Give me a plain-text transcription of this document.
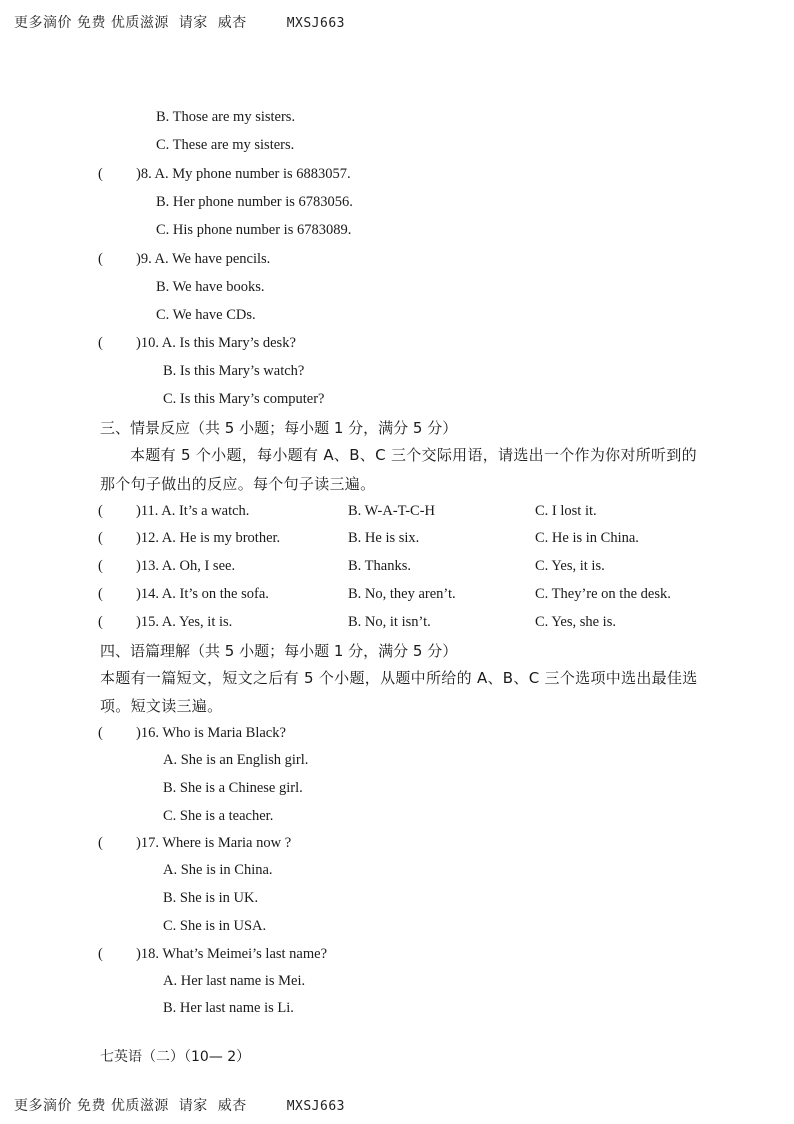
更多滴价 免费 优质滋源  请家  威杏	MXSJ663
B. Those are my sisters.
C. These are my sisters.
( )8. A. My phone number is 6883057.
B. Her phone number is 6783056.
C. His phone number is 6783089.
( )9. A. We have pencils.
B. We have books.
C. We have CDs.
( )10. A. Is this Mary’s desk?
B. Is this Mary’s watch?
C. Is this Mary’s computer?
三、情景反应（共 5 小题；每小题 1 分，满分 5 分）
本题有 5 个小题，每小题有 A、B、C 三个交际用语，请选出一个作为你对所听到的
那个句子做出的反应。每个句子读三遍。
( )11. A. It’s a watch.	B. W-A-T-C-H	C. I lost it.
( )12. A. He is my brother.	B. He is six.	C. He is in China.
( )13. A. Oh, I see.	B. Thanks.	C. Yes, it is.
( )14. A. It’s on the sofa.	B. No, they aren’t.	C. They’re on the desk.
( )15. A. Yes, it is.	B. No, it isn’t.	C. Yes, she is.
四、语篇理解（共 5 小题；每小题 1 分，满分 5 分）
本题有一篇短文，短文之后有 5 个小题，从题中所给的 A、B、C 三个选项中选出最佳选
项。短文读三遍。
( )16. Who is Maria Black?
A. She is an English girl.
B. She is a Chinese girl.
C. She is a teacher.
( )17. Where is Maria now ?
A. She is in China.
B. She is in UK.
C. She is in USA.
( )18. What’s Meimei’s last name?
A. Her last name is Mei.
B. Her last name is Li.
七英语（二）（10— 2）
更多滴价 免费 优质滋源  请家  威杏	MXSJ663
